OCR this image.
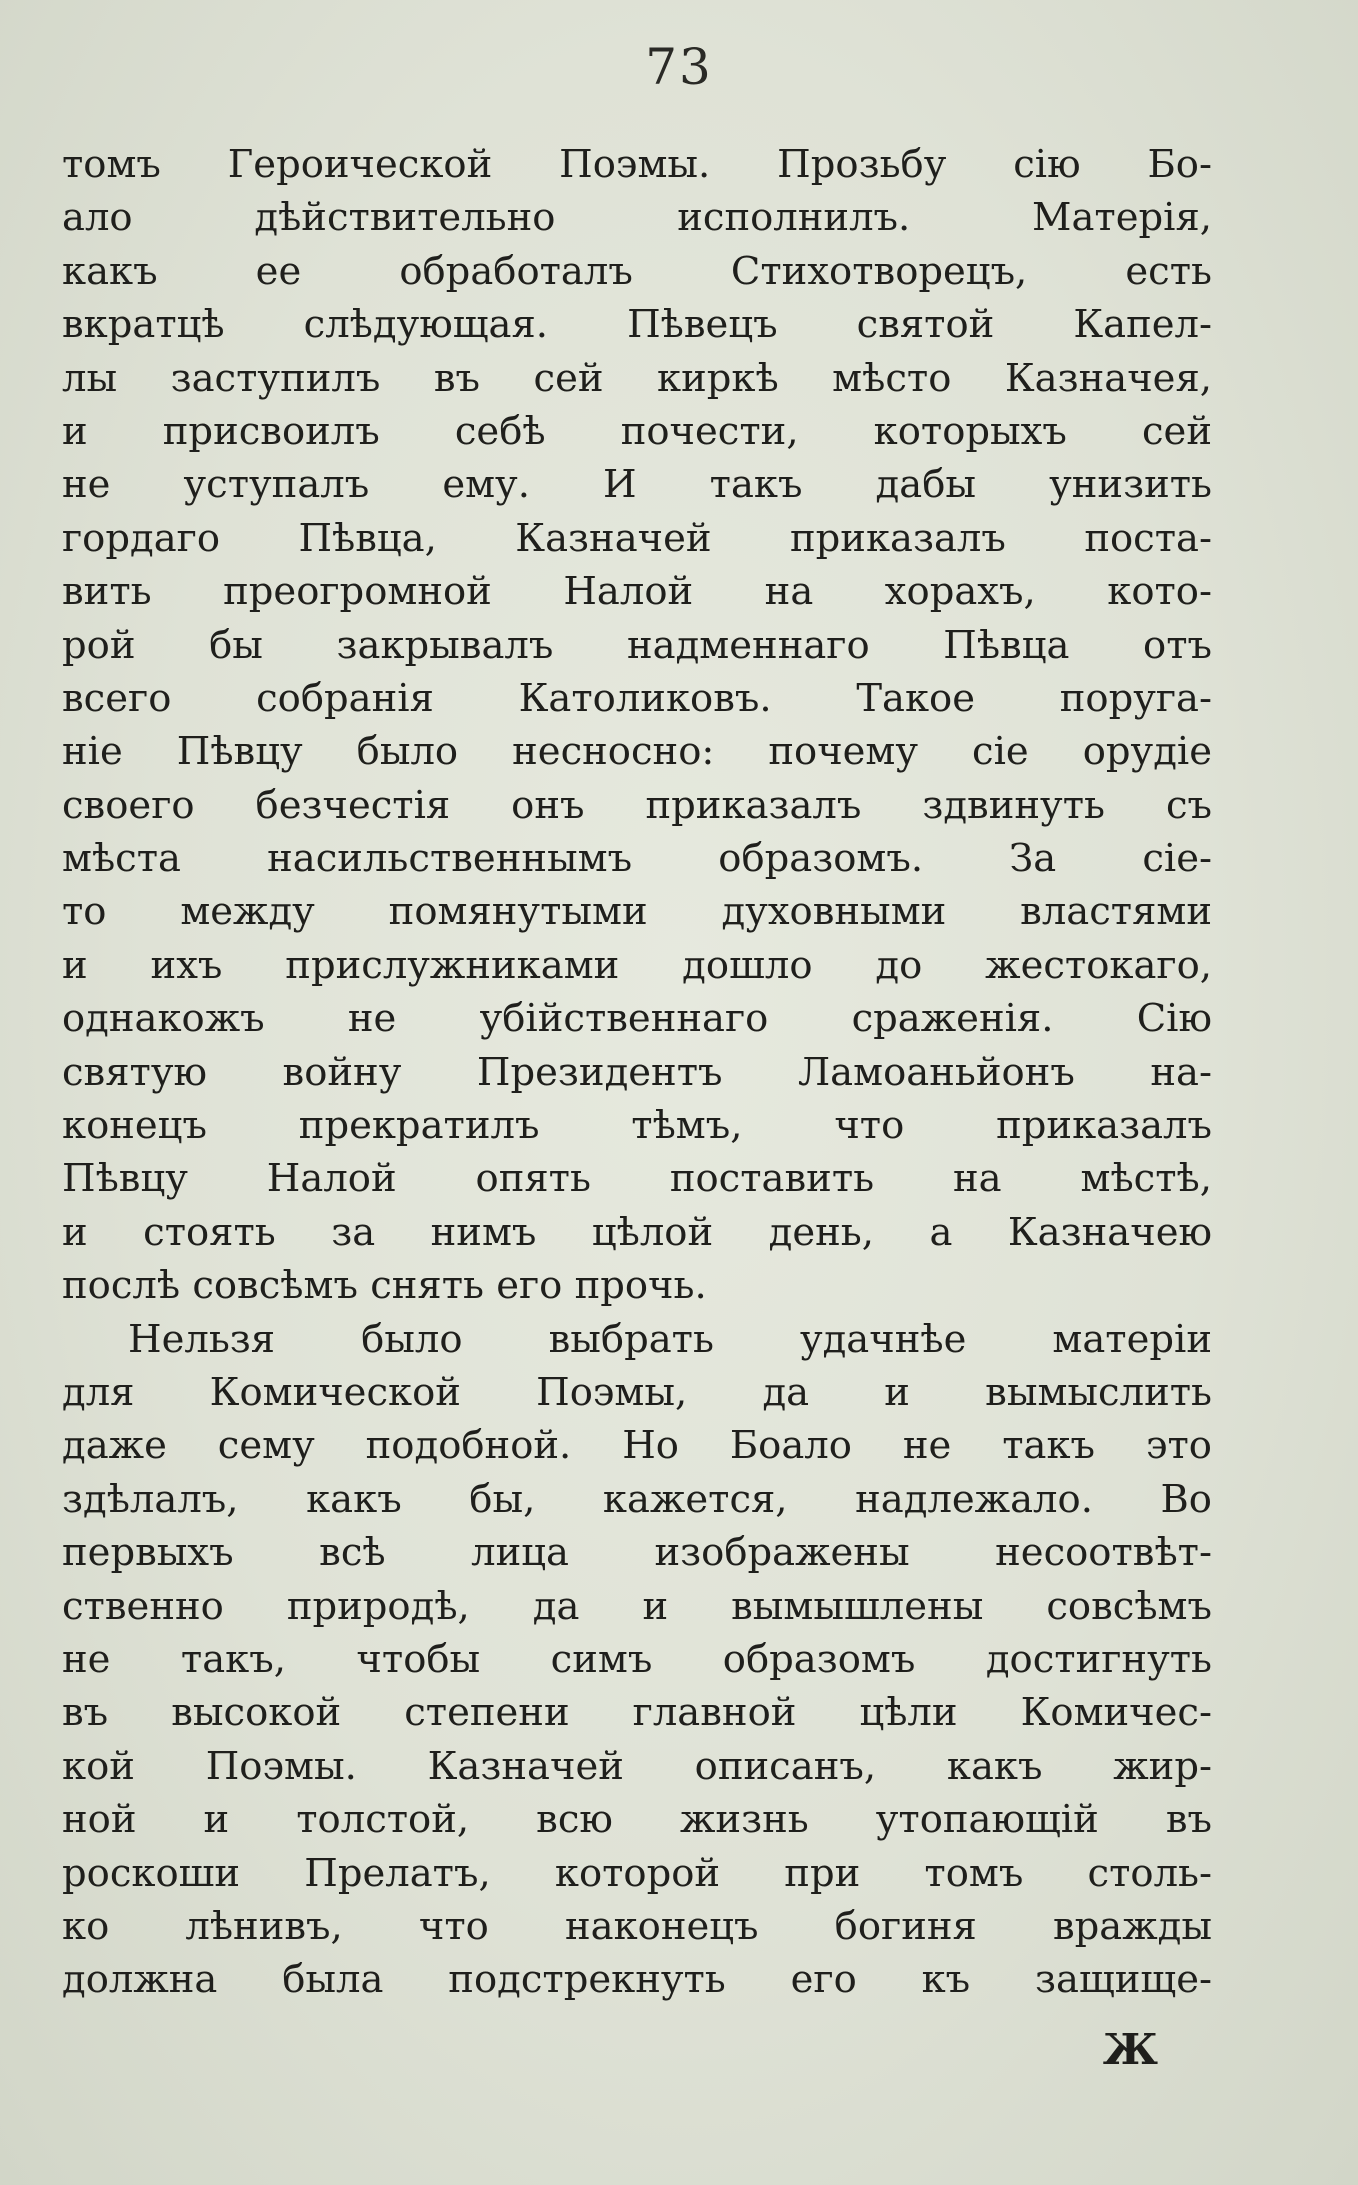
73
томъ Героической Поэмы. Прозьбу сію Бо-
ало дѣйствительно исполнилъ. Матерія,
какъ ее обработалъ Стихотворецъ, есть
вкратцѣ слѣдующая. Пѣвецъ святой Капел-
лы заступилъ въ сей киркѣ мѣсто Казначея,
и присвоилъ себѣ почести, которыхъ сей
не уступалъ ему. И такъ дабы унизить
гордаго Пѣвца, Казначей приказалъ поста-
вить преогромной Налой на хорахъ, кото-
рой бы закрывалъ надменнаго Пѣвца отъ
всего собранія Католиковъ. Такое поруга-
ніе Пѣвцу было несносно: почему сіе орудіе
своего безчестія онъ приказалъ здвинуть съ
мѣста насильственнымъ образомъ. За сіе-
то между помянутыми духовными властями
и ихъ прислужниками дошло до жестокаго,
однакожъ не убійственнаго сраженія. Сію
святую войну Президентъ Ламоаньйонъ на-
конецъ прекратилъ тѣмъ, что приказалъ
Пѣвцу Налой опять поставить на мѣстѣ,
и стоять за нимъ цѣлой день, а Казначею
послѣ совсѣмъ снять его прочь.
Нельзя было выбрать удачнѣе матеріи
для Комической Поэмы, да и вымыслить
даже сему подобной. Но Боало не такъ это
здѣлалъ, какъ бы, кажется, надлежало. Во
первыхъ всѣ лица изображены несоотвѣт-
ственно природѣ, да и вымышлены совсѣмъ
не такъ, чтобы симъ образомъ достигнуть
въ высокой степени главной цѣли Комичес-
кой Поэмы. Казначей описанъ, какъ жир-
ной и толстой, всю жизнь утопающій въ
роскоши Прелатъ, которой при томъ столь-
ко лѣнивъ, что наконецъ богиня вражды
должна была подстрекнуть его къ защище-
Ж
